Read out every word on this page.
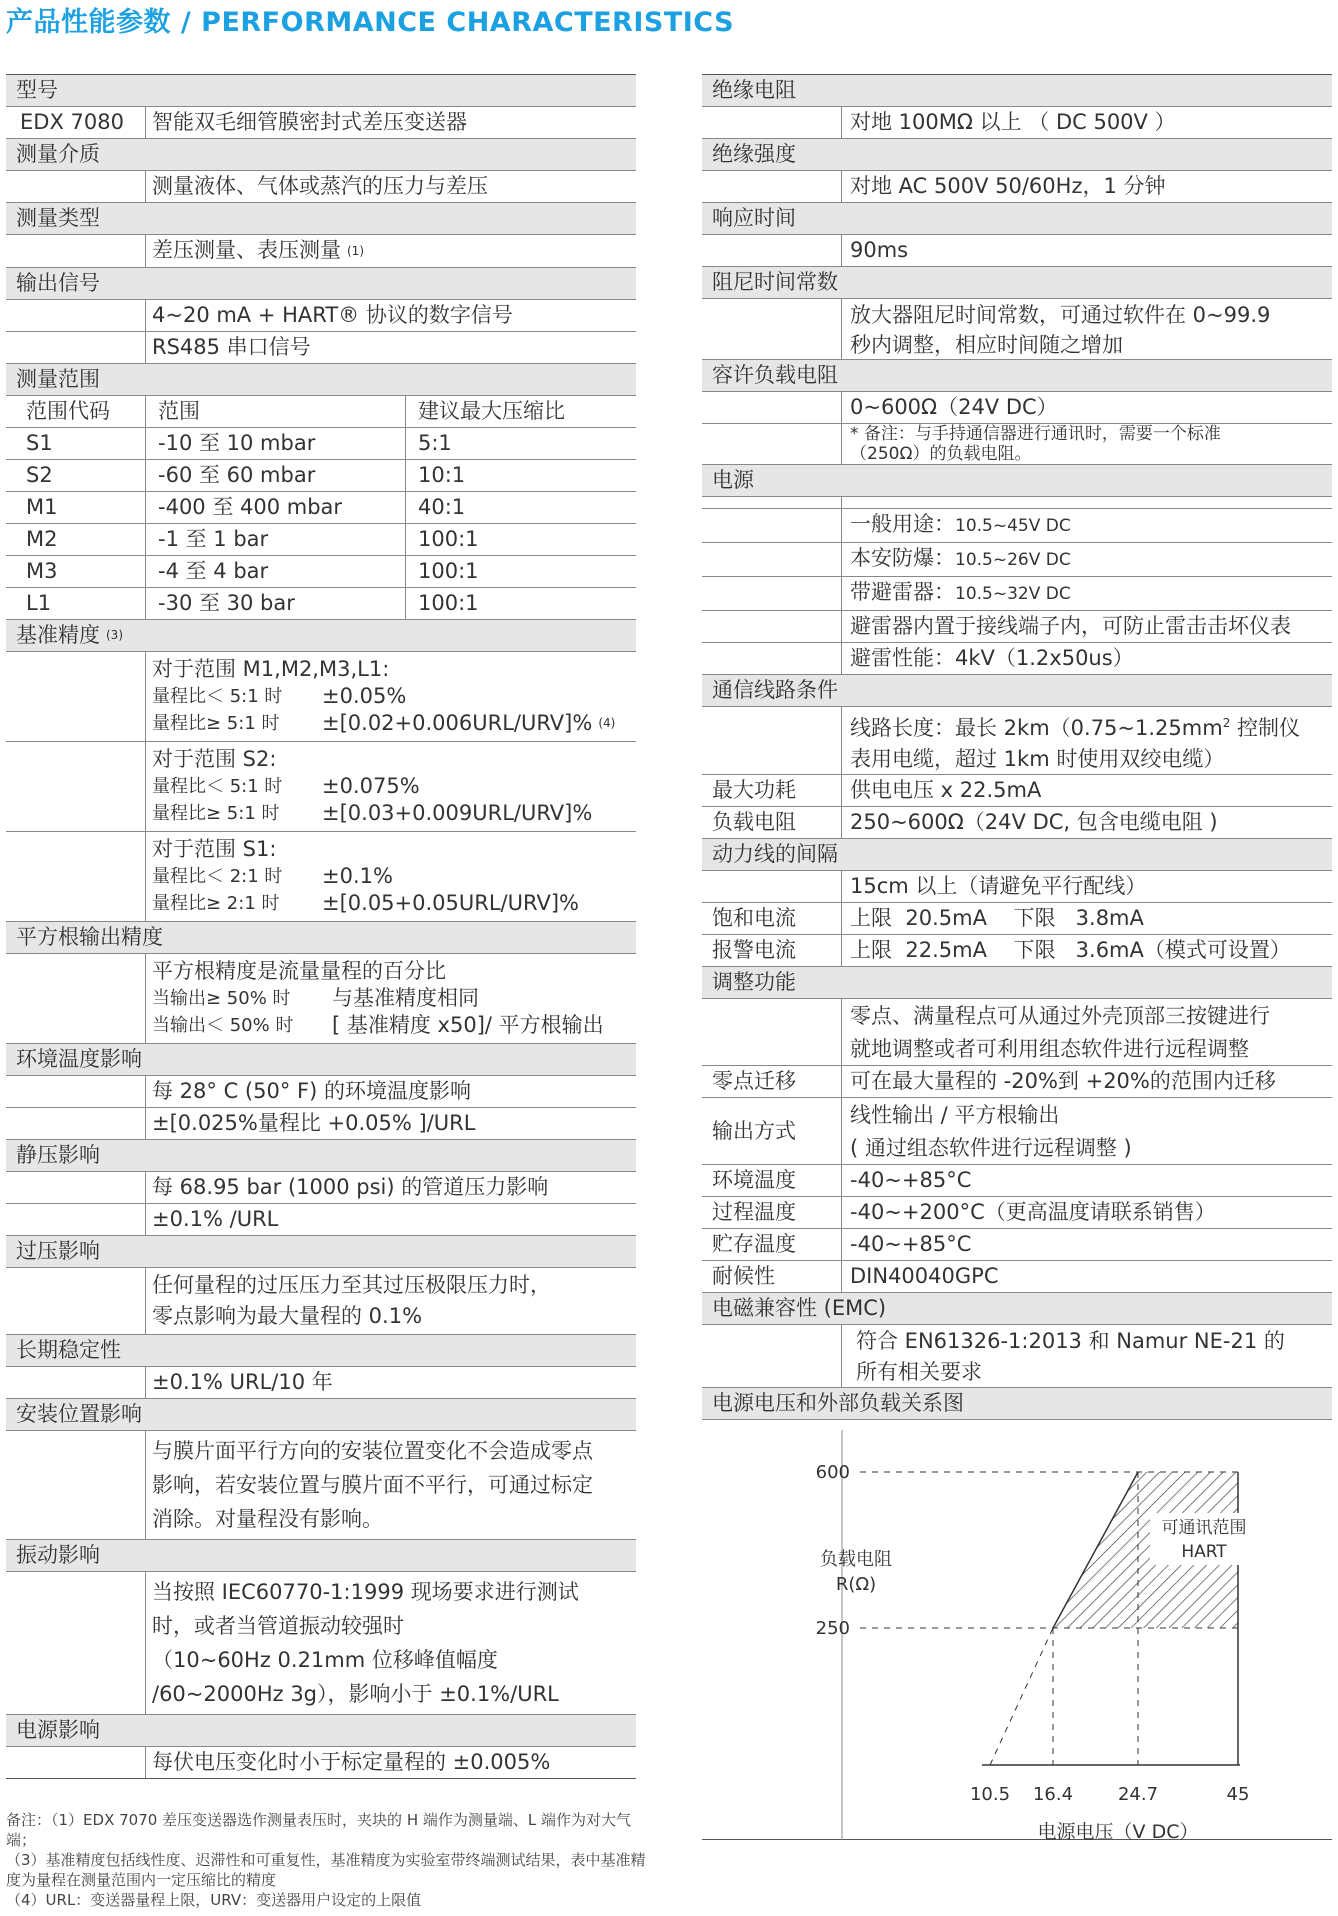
产品性能参数 / PERFORMANCE CHARACTERISTICS
型号
EDX 7080	智能双毛细管膜密封式差压变送器
测量介质
测量液体、气体或蒸汽的压力与差压
测量类型
差压测量、表压测量 (1)
输出信号
4~20 mA + HART® 协议的数字信号
RS485 串口信号
测量范围
范围代码	范围	建议最大压缩比
S1	-10 至 10 mbar	5:1
S2	-60 至 60 mbar	10:1
M1	-400 至 400 mbar	40:1
M2	-1 至 1 bar	100:1
M3	-4 至 4 bar	100:1
L1	-30 至 30 bar	100:1
基准精度 (3)
对于范围 M1,M2,M3,L1:
量程比＜ 5:1 时	±0.05%
量程比≥ 5:1 时	±[0.02+0.006URL/URV]% (4)
对于范围 S2:
量程比＜ 5:1 时	±0.075%
量程比≥ 5:1 时	±[0.03+0.009URL/URV]%
对于范围 S1:
量程比＜ 2:1 时	±0.1%
量程比≥ 2:1 时	±[0.05+0.05URL/URV]%
平方根输出精度
平方根精度是流量量程的百分比
当输出≥ 50% 时	与基准精度相同
当输出＜ 50% 时	[ 基准精度 x50]/ 平方根输出
环境温度影响
每 28° C (50° F) 的环境温度影响
±[0.025%量程比 +0.05% ]/URL
静压影响
每 68.95 bar (1000 psi) 的管道压力影响
±0.1% /URL
过压影响
任何量程的过压压力至其过压极限压力时，
零点影响为最大量程的 0.1%
长期稳定性
±0.1% URL/10 年
安装位置影响
与膜片面平行方向的安装位置变化不会造成零点
影响，若安装位置与膜片面不平行，可通过标定
消除。对量程没有影响。
振动影响
当按照 IEC60770-1:1999 现场要求进行测试
时，或者当管道振动较强时
（10~60Hz 0.21mm 位移峰值幅度
/60~2000Hz 3g），影响小于 ±0.1%/URL
电源影响
每伏电压变化时小于标定量程的 ±0.005%
备注：（1）EDX 7070 差压变送器选作测量表压时，夹块的 H 端作为测量端、L 端作为对大气端；
（3）基准精度包括线性度、迟滞性和可重复性，基准精度为实验室带终端测试结果，表中基准精度为量程在测量范围内一定压缩比的精度
（4）URL：变送器量程上限，URV：变送器用户设定的上限值
绝缘电阻
对地 100MΩ 以上 （ DC 500V ）
绝缘强度
对地 AC 500V 50/60Hz，1 分钟
响应时间
90ms
阻尼时间常数
放大器阻尼时间常数，可通过软件在 0~99.9
秒内调整，相应时间随之增加
容许负载电阻
0~600Ω（24V DC）
* 备注：与手持通信器进行通讯时，需要一个标准
（250Ω）的负载电阻。
电源
一般用途：10.5~45V DC
本安防爆：10.5~26V DC
带避雷器：10.5~32V DC
避雷器内置于接线端子内，可防止雷击击坏仪表
避雷性能：4kV（1.2x50us）
通信线路条件
线路长度：最长 $2km(0.75\sim 1.25mm^2$ 控制仪
表用电缆，超过 1km 时使用双绞电缆）
最大功耗	供电电压 x 22.5mA
负载电阻	250~600Ω（24V DC, 包含电缆电阻 )
动力线的间隔
15cm 以上（请避免平行配线）
饱和电流	上限  20.5mA    下限   3.8mA
报警电流	上限  22.5mA    下限   3.6mA（模式可设置）
调整功能
零点、满量程点可从通过外壳顶部三按键进行
就地调整或者可利用组态软件进行远程调整
零点迁移	可在最大量程的 -20%到 +20%的范围内迁移
输出方式
线性输出 / 平方根输出
( 通过组态软件进行远程调整 )
环境温度	-40~+85°C
过程温度	-40~+200°C（更高温度请联系销售）
贮存温度	-40~+85°C
耐候性	DIN40040GPC
电磁兼容性 (EMC)
符合 EN61326-1:2013 和 Namur NE-21 的
所有相关要求
电源电压和外部负载关系图
250
600
10.5 16.4 24.7	45
负载电阻
R(Ω)
电源电压（V DC）
可通讯范围
HART
